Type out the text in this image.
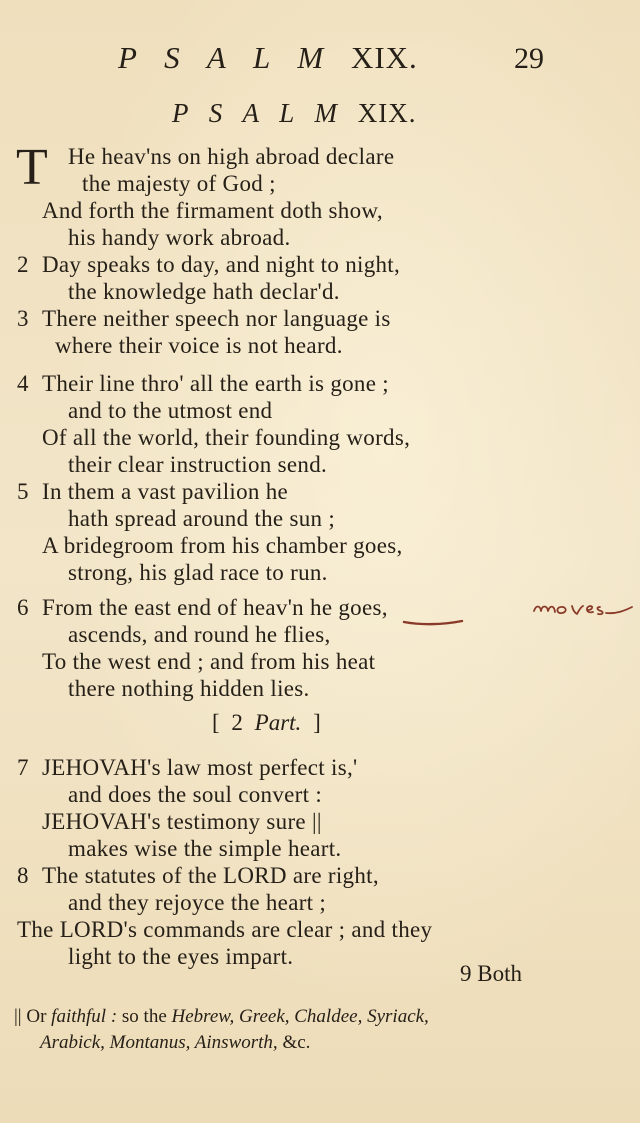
P S A L M XIX.	29
P S A L M XIX.
T He heav'ns on high abroad declare
the majesty of God ;
And forth the firmament doth show,
his handy work abroad.
2 Day speaks to day, and night to night,
the knowledge hath declar'd.
3 There neither speech nor language is
where their voice is not heard.
4 Their line thro' all the earth is gone ;
and to the utmost end
Of all the world, their founding words,
their clear instruction send.
5 In them a vast pavilion he
hath spread around the sun ;
A bridegroom from his chamber goes,
strong, his glad race to run.
6 From the east end of heav'n he goes,
ascends, and round he flies,
To the west end ; and from his heat
there nothing hidden lies.
[ 2 Part. ]
7 JEHOVAH's law most perfect is,'
and does the soul convert :
JEHOVAH's testimony sure ||
makes wise the simple heart.
8 The statutes of the LORD are right,
and they rejoyce the heart ;
The LORD's commands are clear ; and they
light to the eyes impart.
9 Both
|| Or faithful : so the Hebrew, Greek, Chaldee, Syriack,
Arabick, Montanus, Ainsworth, &c.
